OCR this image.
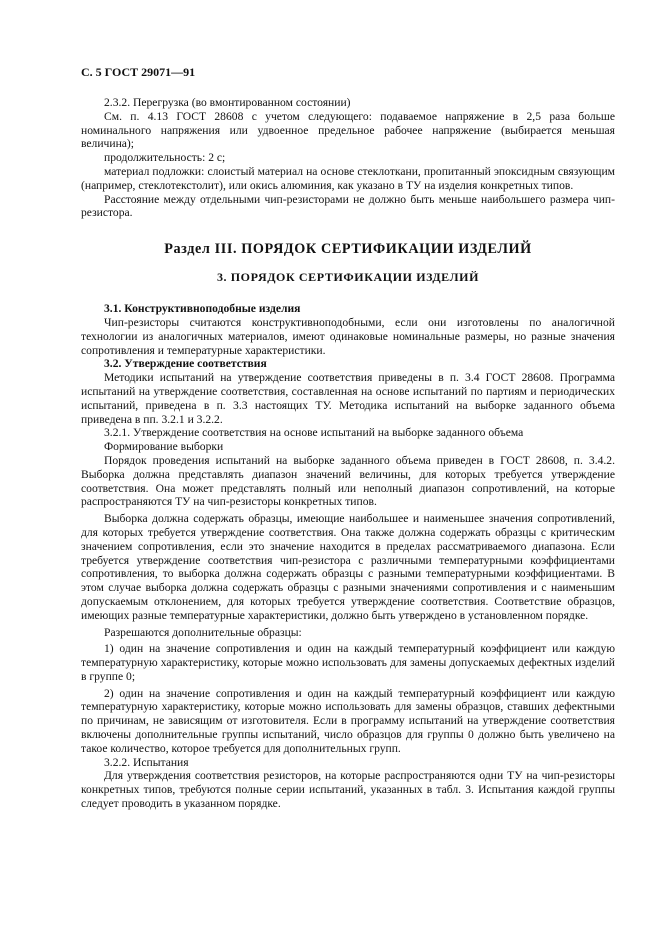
С. 5 ГОСТ 29071—91

2.3.2. Перегрузка (во вмонтированном состоянии)

См. п. 4.13 ГОСТ 28608 с учетом следующего: подаваемое напряжение в 2,5 раза больше номинального напряжения или удвоенное предельное рабочее напряжение (выбирается меньшая величина);

продолжительность: 2 с;

материал подложки: слоистый материал на основе стеклоткани, пропитанный эпоксидным связующим (например, стеклотекстолит), или окись алюминия, как указано в ТУ на изделия конкретных типов.

Расстояние между отдельными чип-резисторами не должно быть меньше наибольшего размера чип-резистора.

Раздел III. ПОРЯДОК СЕРТИФИКАЦИИ ИЗДЕЛИЙ
3. ПОРЯДОК СЕРТИФИКАЦИИ ИЗДЕЛИЙ

3.1. Конструктивноподобные изделия

Чип-резисторы считаются конструктивноподобными, если они изготовлены по аналогичной технологии из аналогичных материалов, имеют одинаковые номинальные размеры, но разные значения сопротивления и температурные характеристики.

3.2. Утверждение соответствия

Методики испытаний на утверждение соответствия приведены в п. 3.4 ГОСТ 28608. Программа испытаний на утверждение соответствия, составленная на основе испытаний по партиям и периодических испытаний, приведена в п. 3.3 настоящих ТУ. Методика испытаний на выборке заданного объема приведена в пп. 3.2.1 и 3.2.2.

3.2.1. Утверждение соответствия на основе испытаний на выборке заданного объема

Формирование выборки

Порядок проведения испытаний на выборке заданного объема приведен в ГОСТ 28608, п. 3.4.2. Выборка должна представлять диапазон значений величины, для которых требуется утверждение соответствия. Она может представлять полный или неполный диапазон сопротивлений, на которые распространяются ТУ на чип-резисторы конкретных типов.

Выборка должна содержать образцы, имеющие наибольшее и наименьшее значения сопротивлений, для которых требуется утверждение соответствия. Она также должна содержать образцы с критическим значением сопротивления, если это значение находится в пределах рассматриваемого диапазона. Если требуется утверждение соответствия чип-резистора с различными температурными коэффициентами сопротивления, то выборка должна содержать образцы с разными температурными коэффициентами. В этом случае выборка должна содержать образцы с разными значениями сопротивления и с наименьшим допускаемым отклонением, для которых требуется утверждение соответствия. Соответствие образцов, имеющих разные температурные характеристики, должно быть утверждено в установленном порядке.

Разрешаются дополнительные образцы:

1) один на значение сопротивления и один на каждый температурный коэффициент или каждую температурную характеристику, которые можно использовать для замены допускаемых дефектных изделий в группе 0;

2) один на значение сопротивления и один на каждый температурный коэффициент или каждую температурную характеристику, которые можно использовать для замены образцов, ставших дефектными по причинам, не зависящим от изготовителя. Если в программу испытаний на утверждение соответствия включены дополнительные группы испытаний, число образцов для группы 0 должно быть увеличено на такое количество, которое требуется для дополнительных групп.

3.2.2. Испытания

Для утверждения соответствия резисторов, на которые распространяются одни ТУ на чип-резисторы конкретных типов, требуются полные серии испытаний, указанных в табл. 3. Испытания каждой группы следует проводить в указанном порядке.
